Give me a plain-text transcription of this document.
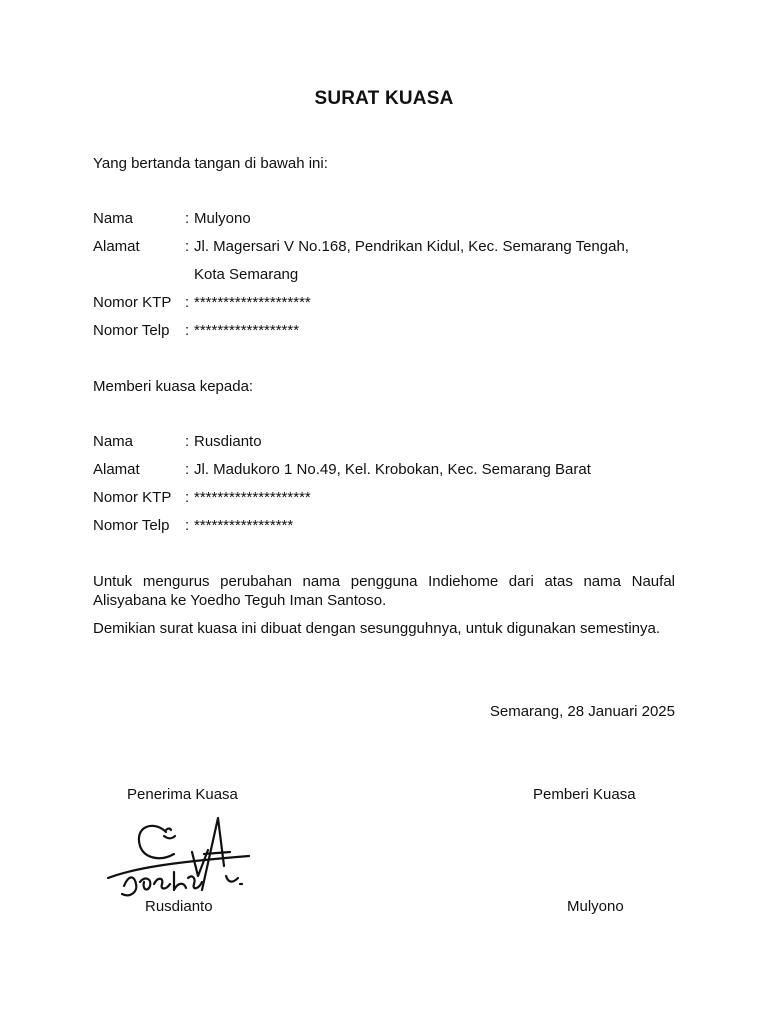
SURAT KUASA
Yang bertanda tangan di bawah ini:
Nama	: Mulyono
Alamat	: Jl. Magersari V No.168, Pendrikan Kidul, Kec. Semarang Tengah,
Kota Semarang
Nomor KTP : ********************
Nomor Telp : ******************
Memberi kuasa kepada:
Nama	: Rusdianto
Alamat	: Jl. Madukoro 1 No.49, Kel. Krobokan, Kec. Semarang Barat
Nomor KTP : ********************
Nomor Telp : *****************
Untuk mengurus perubahan nama pengguna Indiehome dari atas nama Naufal Alisyabana ke Yoedho Teguh Iman Santoso.
Demikian surat kuasa ini dibuat dengan sesungguhnya, untuk digunakan semestinya.
Semarang, 28 Januari 2025
Penerima Kuasa	Pemberi Kuasa
Rusdianto	Mulyono
